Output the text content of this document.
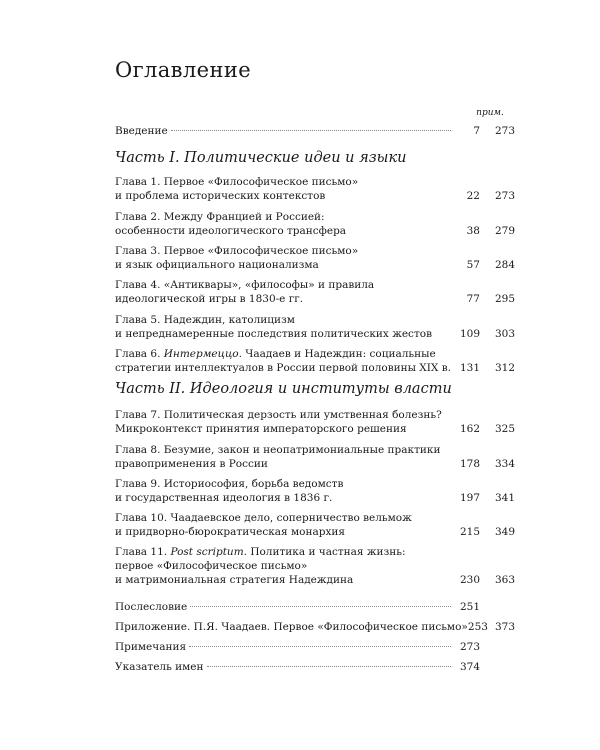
Оглавление
прим.
Введение	7	273
Часть I. Политические идеи и языки
Глава 1. Первое «Философическое письмо»
и проблема исторических контекстов	22	273
Глава 2. Между Францией и Россией:
особенности идеологического трансфера	38	279
Глава 3. Первое «Философическое письмо»
и язык официального национализма	57	284
Глава 4. «Антиквары», «философы» и правила
идеологической игры в 1830-е гг.	77	295
Глава 5. Надеждин, католицизм
и непреднамеренные последствия политических жестов	109	303
Глава 6. Интермеццо. Чаадаев и Надеждин: социальные
стратегии интеллектуалов в России первой половины XIX в. 131	312
Часть II. Идеология и институты власти
Глава 7. Политическая дерзость или умственная болезнь?
Микроконтекст принятия императорского решения	162	325
Глава 8. Безумие, закон и неопатримониальные практики
правоприменения в России	178	334
Глава 9. Историософия, борьба ведомств
и государственная идеология в 1836 г.	197	341
Глава 10. Чаадаевское дело, соперничество вельмож
и придворно-бюрократическая монархия	215	349
Глава 11. Post scriptum. Политика и частная жизнь:
первое «Философическое письмо»
и матримониальная стратегия Надеждина	230	363
Послесловие	251
Приложение. П.Я. Чаадаев. Первое «Философическое письмо» 253 373
Примечания	273
Указатель имен	374
